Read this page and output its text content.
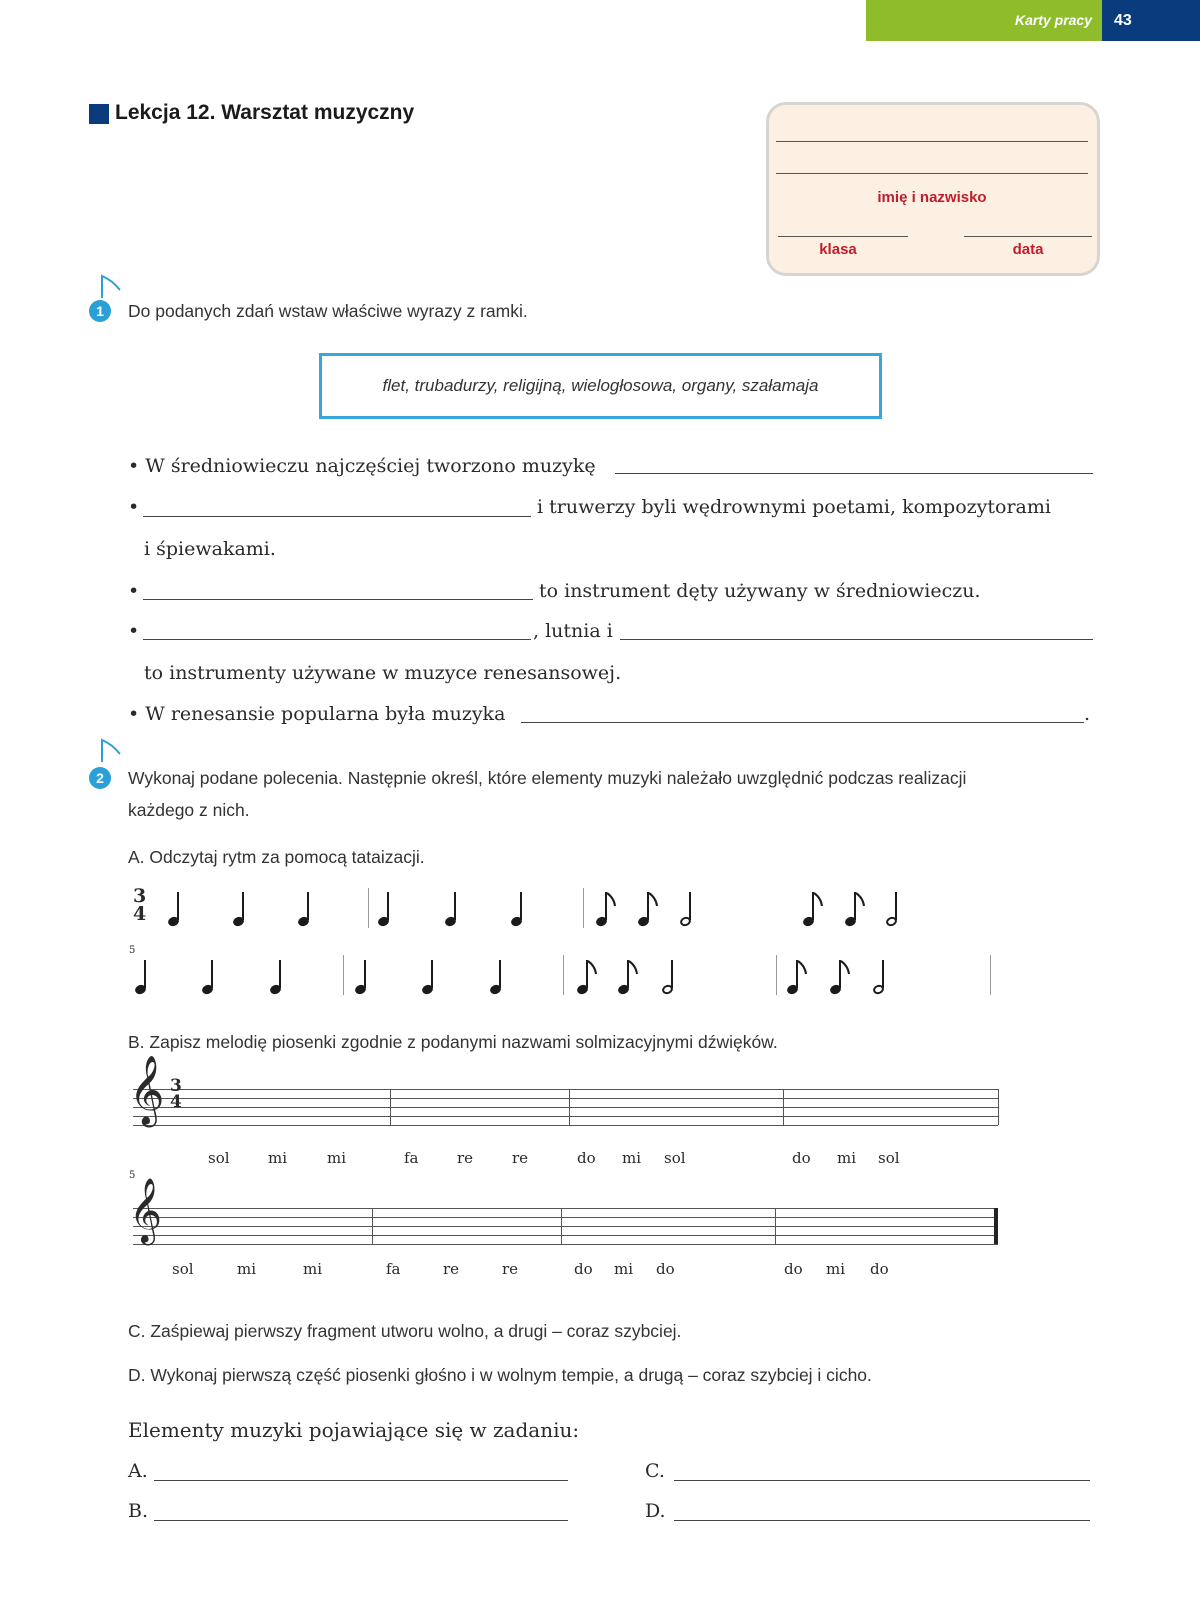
Karty pracy	43
Lekcja 12. Warsztat muzyczny
imię i nazwisko
klasa	data
1	Do podanych zdań wstaw właściwe wyrazy z ramki.
flet, trubadurzy, religijną, wielogłosowa, organy, szałamaja
• W średniowieczu najczęściej tworzono muzykę
•	i truwerzy byli wędrownymi poetami, kompozytorami
i śpiewakami.
•	to instrument dęty używany w średniowieczu.
•	, lutnia i
to instrumenty używane w muzyce renesansowej.
• W renesansie popularna była muzyka	.
2	Wykonaj podane polecenia. Następnie określ, które elementy muzyki należało uwzględnić podczas realizacji
każdego z nich.
A. Odczytaj rytm za pomocą tataizacji.
3
4
5
B. Zapisz melodię piosenki zgodnie z podanymi nazwami solmizacyjnymi dźwięków.
𝄞 3
4
sol	mi	mi	fa	re	re	do mi sol	do mi sol
5
𝄞
sol	mi	mi	fa	re	re	do mi do	do mi do
C. Zaśpiewaj pierwszy fragment utworu wolno, a drugi – coraz szybciej.
D. Wykonaj pierwszą część piosenki głośno i w wolnym tempie, a drugą – coraz szybciej i cicho.
Elementy muzyki pojawiające się w zadaniu:
A.
B.
C.
D.
